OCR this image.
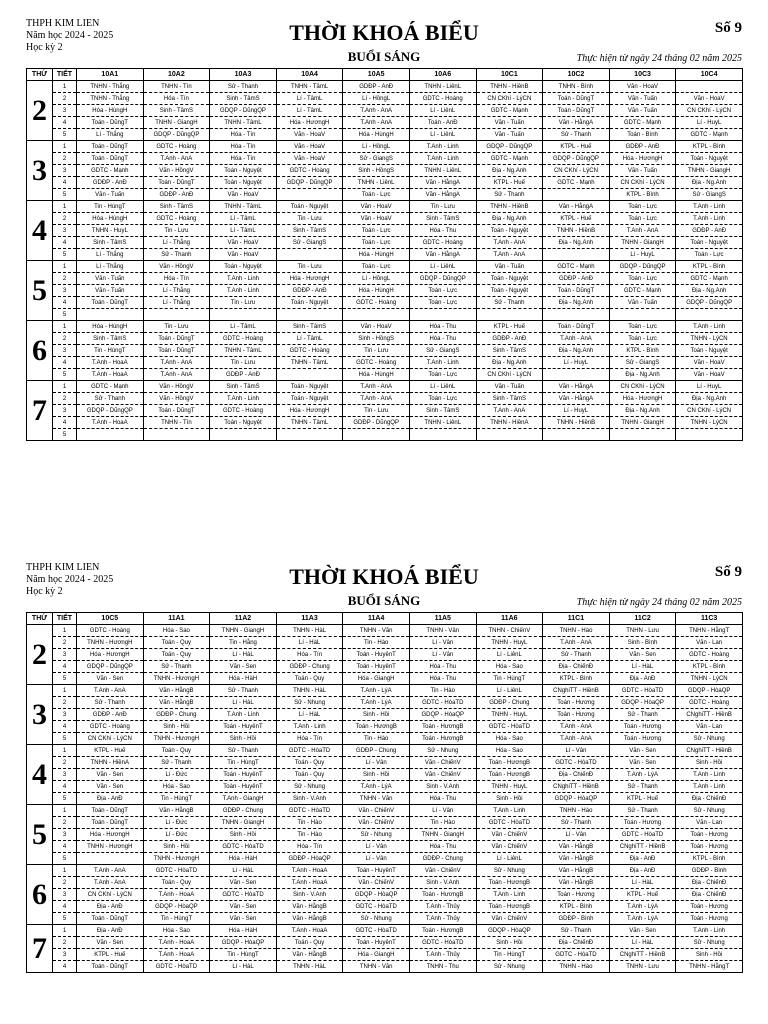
THPH KIM LIEN
Năm học 2024 - 2025
Học kỳ 2
THỜI KHOÁ BIỂU
BUỔI SÁNG
Số 9
Thực hiện từ ngày 24 tháng 02 năm 2025
THỨ	TIẾT	10A1	10A2	10A3	10A4	10A5	10A6	10C1	10C2	10C3	10C4
2	1	TNHN - Thắng	TNHN - Tín	Sử - Thanh	TNHN - TâmL	GDĐP - AnĐ	TNHN - LiênL	TNHN - HiềnB	TNHN - Bình	Văn - HoaV	
	2	TNHN - Thắng	Hóa - Tín	Sinh - TâmS	Lí - TâmL	Lí - HồngL	GDTC - Hoàng	CN CKhí - LýCN	Toán - DũngT	Văn - Tuấn	Văn - HoaV
	3	Hóa - HùngH	Sinh - TâmS	GDQP - DũngQP	Lí - TâmL	T.Anh - AnA	Lí - LiênL	GDTC - Mạnh	Toán - DũngT	Văn - Tuấn	CN CKhí - LýCN
	4	Toán - DũngT	TNHN - GiangH	TNHN - TâmL	Hóa - HươngH	T.Anh - AnA	Toán - AnĐ	Văn - Tuấn	Văn - HằngA	GDTC - Mạnh	Lí - HuyL
	5	Lí - Thắng	GDQP - DũngQP	Hóa - Tín	Văn - HoaV	Hóa - HùngH	Lí - LiênL	Văn - Tuấn	Sử - Thanh	Toán - Bình	GDTC - Mạnh
3	1	Toán - DũngT	GDTC - Hoàng	Hóa - Tín	Văn - HoaV	Lí - HồngL	T.Anh - Linh	GDQP - DũngQP	KTPL - Huế	GDĐP - AnĐ	KTPL - Bình
	2	Toán - DũngT	T.Anh - AnA	Hóa - Tín	Văn - HoaV	Sử - GiangS	T.Anh - Linh	GDTC - Mạnh	GDQP - DũngQP	Hóa - HươngH	Toán - Nguyệt
	3	GDTC - Mạnh	Văn - HồngV	Toán - Nguyệt	GDTC - Hoàng	Sinh - HồngS	TNHN - LiênL	Địa - Ng.Anh	CN CKhí - LýCN	Văn - Tuấn	TNHN - GiangH
	4	GDĐP - AnĐ	Toán - DũngT	Toán - Nguyệt	GDQP - DũngQP	TNHN - LiênL	Văn - HằngA	KTPL - Huế	GDTC - Mạnh	CN CKhí - LýCN	Địa - Ng.Anh
	5	Văn - Tuấn	GDĐP - AnĐ	Văn - HoaV		Toán - Lực	Văn - HằngA	Sử - Thanh		KTPL - Bình	Sử - GiangS
4	1	Tin - HùngT	Sinh - TâmS	TNHN - TâmL	Toán - Nguyệt	Văn - HoaV	Tin - Lưu	TNHN - HiềnB	Văn - HằngA	Toán - Lực	T.Anh - Linh
	2	Hóa - HùngH	GDTC - Hoàng	Lí - TâmL	Tin - Lưu	Văn - HoaV	Sinh - TâmS	Địa - Ng.Anh	KTPL - Huế	Toán - Lực	T.Anh - Linh
	3	TNHN - HuyL	Tin - Lưu	Lí - TâmL	Sinh - TâmS	Toán - Lực	Hóa - Thu	Toán - Nguyệt	TNHN - HiềnB	T.Anh - AnA	GDĐP - AnĐ
	4	Sinh - TâmS	Lí - Thắng	Văn - HoaV	Sử - GiangS	Toán - Lực	GDTC - Hoàng	T.Anh - AnA	Địa - Ng.Anh	TNHN - GiangH	Toán - Nguyệt
	5	Lí - Thắng	Sử - Thanh	Văn - HoaV		Hóa - HùngH	Văn - HằngA	T.Anh - AnA		Lí - HuyL	Toán - Lực
5	1	Lí - Thắng	Văn - HồngV	Toán - Nguyệt	Tin - Lưu	Toán - Lực	Lí - LiênL	Văn - Tuấn	GDTC - Mạnh	GDQP - DũngQP	KTPL - Bình
	2	Văn - Tuấn	Hóa - Tín	T.Anh - Linh	Hóa - HươngH	Lí - HồngL	GDQP - DũngQP	Toán - Nguyệt	GDĐP - AnĐ	Toán - Lực	GDTC - Mạnh
	3	Văn - Tuấn	Lí - Thắng	T.Anh - Linh	GDĐP - AnĐ	Hóa - HùngH	Toán - Lực	Toán - Nguyệt	Toán - DũngT	GDTC - Mạnh	Địa - Ng.Anh
	4	Toán - DũngT	Lí - Thắng	Tin - Lưu	Toán - Nguyệt	GDTC - Hoàng	Toán - Lực	Sử - Thanh	Địa - Ng.Anh	Văn - Tuấn	GDQP - DũngQP
	5										
6	1	Hóa - HùngH	Tin - Lưu	Lí - TâmL	Sinh - TâmS	Văn - HoaV	Hóa - Thu	KTPL - Huế	Toán - DũngT	Toán - Lực	T.Anh - Linh
	2	Sinh - TâmS	Toán - DũngT	GDTC - Hoàng	Lí - TâmL	Sinh - HồngS	Hóa - Thu	GDĐP - AnĐ	T.Anh - AnA	Toán - Lực	TNHN - LýCN
	3	Tin - HùngT	Toán - DũngT	TNHN - TâmL	GDTC - Hoàng	Tin - Lưu	Sử - GiangS	Sinh - TâmS	Địa - Ng.Anh	KTPL - Bình	Toán - Nguyệt
	4	T.Anh - HoaA	T.Anh - AnA	Tin - Lưu	TNHN - TâmL	GDTC - Hoàng	T.Anh - Linh	Địa - Ng.Anh	Lí - HuyL	Sử - GiangS	Văn - HoaV
	5	T.Anh - HoaA	T.Anh - AnA	GDĐP - AnĐ		Hóa - HùngH	Toán - Lực	CN CKhí - LýCN		Địa - Ng.Anh	Văn - HoaV
7	1	GDTC - Mạnh	Văn - HồngV	Sinh - TâmS	Toán - Nguyệt	T.Anh - AnA	Lí - LiênL	Văn - Tuấn	Văn - HằngA	CN CKhí - LýCN	Lí - HuyL
	2	Sử - Thanh	Văn - HồngV	T.Anh - Linh	Toán - Nguyệt	T.Anh - AnA	Toán - Lực	Sinh - TâmS	Văn - HằngA	Hóa - HươngH	Địa - Ng.Anh
	3	GDQP - DũngQP	Toán - DũngT	GDTC - Hoàng	Hóa - HươngH	Tin - Lưu	Sinh - TâmS	T.Anh - AnA	Lí - HuyL	Địa - Ng.Anh	CN CKhí - LýCN
	4	T.Anh - HoaA	TNHN - Tín	Toán - Nguyệt	TNHN - TâmL	GDĐP - DũngQP	TNHN - LiênL	TNHN - HiềnA	TNHN - HiềnB	TNHN - GiangH	TNHN - LýCN
	5										
THPH KIM LIEN
Năm học 2024 - 2025
Học kỳ 2
THỜI KHOÁ BIỂU
BUỔI SÁNG
Số 9
Thực hiện từ ngày 24 tháng 02 năm 2025
THỨ	TIẾT	10C5	11A1	11A2	11A3	11A4	11A5	11A6	11C1	11C2	11C3
2	1	GDTC - Hoàng	Hóa - Sao	TNHN - GiangH	TNHN - HàL	TNHN - Văn	TNHN - Vân	TNHN - ChiếnV	TNHN - Hào	TNHN - Lưu	TNHN - HằngT
	2	TNHN - HươngH	Toán - Quy	Tin - Hằng	Lí - HàL	Tin - Hào	Lí - Vân	TNHN - HuyL	T.Anh - AnA	Sinh - Bình	Văn - Lan
	3	Hóa - HươngH	Toán - Quy	Lí - HàL	Hóa - Tín	Toán - HuyênT	Lí - Vân	Lí - LiênL	Sử - Thanh	Văn - Sen	GDTC - Hoàng
	4	GDQP - DũngQP	Sử - Thanh	Văn - Sen	GDĐP - Chung	Toán - HuyênT	Hóa - Thu	Hóa - Sao	Địa - ChiếnĐ	Lí - HàL	KTPL - Bình
	5	Văn - Sen	TNHN - HươngH	Hóa - HàH	Toán - Quy	Hóa - GiangH	Hóa - Thu	Tin - HùngT	KTPL - Bình	Địa - AnĐ	TNHN - LýCN
3	1	T.Anh - AnA	Văn - HằngB	Sử - Thanh	TNHN - HàL	T.Anh - LýA	Tin - Hào	Lí - LiênL	CNghiTT - HiềnB	GDTC - HòaTD	GDQP - HòaQP
	2	Sử - Thanh	Văn - HằngB	Lí - HàL	Sử - Nhung	T.Anh - LýA	GDTC - HòaTD	GDĐP - Chung	Toán - Hương	GDQP - HòaQP	GDTC - Hoàng
	3	GDĐP - AnĐ	GDĐP - Chung	T.Anh - Linh	Lí - HàL	Sinh - Hồi	GDQP - HòaQP	TNHN - HuyL	Toán - Hương	Sử - Thanh	CNghiTT - HiềnB
	4	GDTC - Hoàng	Sinh - Hồi	Toán - HuyênT	T.Anh - Linh	Toán - HươngB	Toán - HươngB	GDTC - HòaTD	T.Anh - AnA	Toán - Hương	Văn - Lan
	5	CN CKhí - LýCN	TNHN - HươngH	Sinh - Hồi	Hóa - Tín	Tin - Hào	Toán - HươngB	Hóa - Sao	T.Anh - AnA	Toán - Hương	Sử - Nhung
4	1	KTPL - Huế	Toán - Quy	Sử - Thanh	GDTC - HòaTD	GDĐP - Chung	Sử - Nhung	Hóa - Sao	Lí - Vân	Văn - Sen	CNghiTT - HiềnB
	2	TNHN - HiềnA	Sử - Thanh	Tin - HùngT	Toán - Quy	Lí - Vân	Văn - ChiếnV	Toán - HươngB	GDTC - HòaTD	Văn - Sen	Sinh - Hồi
	3	Văn - Sen	Lí - Đức	Toán - HuyênT	Toán - Quy	Sinh - Hồi	Văn - ChiếnV	Toán - HươngB	Địa - ChiếnĐ	T.Anh - LýA	T.Anh - Linh
	4	Văn - Sen	Hóa - Sao	Toán - HuyênT	Sử - Nhung	T.Anh - LýA	Sinh - V.Anh	TNHN - HuyL	CNghiTT - HiềnB	Sử - Thanh	T.Anh - Linh
	5	Địa - AnĐ	Tin - HùngT	T.Anh - GiangH	Sinh - V.Anh	TNHN - Văn	Hóa - Thu	Sinh - Hồi	GDQP - HòaQP	KTPL - Huế	Địa - ChiếnĐ
5	1	Toán - DũngT	Văn - HằngB	GDĐP - Chung	GDTC - HòaTD	Văn - ChiếnV	Lí - Vân	T.Anh - Linh	TNHN - Hào	Sử - Thanh	Sử - Nhung
	2	Toán - DũngT	Lí - Đức	TNHN - GiangH	Tin - Hào	Văn - ChiếnV	Tin - Hào	GDTC - HòaTD	Sử - Thanh	Toán - Hương	Văn - Lan
	3	Hóa - HươngH	Lí - Đức	Sinh - Hồi	Tin - Hào	Sử - Nhung	TNHN - GiangH	Văn - ChiếnV	Lí - Vân	GDTC - HòaTD	Toán - Hương
	4	TNHN - HươngH	Sinh - Hồi	GDTC - HòaTD	Hóa - Tín	Lí - Vân	Hóa - Thu	Văn - ChiếnV	Văn - HằngB	CNghiTT - HiềnB	Toán - Hương
	5		TNHN - HươngH	Hóa - HàH	GDĐP - HòaQP	Lí - Vân	GDĐP - Chung	Lí - LiênL	Văn - HằngB	Địa - AnĐ	KTPL - Bình
6	1	T.Anh - AnA	GDTC - HòaTD	Lí - HàL	T.Anh - HoaA	Toán - HuyênT	Văn - ChiếnV	Sử - Nhung	Văn - HằngB	Địa - AnĐ	GDĐP - Bình
	2	T.Anh - AnA	Toán - Quy	Văn - Sen	T.Anh - HoaA	Văn - ChiếnV	Sinh - V.Anh	Toán - HươngB	Văn - HằngB	Lí - HàL	Địa - ChiếnĐ
	3	CN CKhí - LýCN	T.Anh - HoaA	GDTC - HòaTD	Sinh - V.Anh	GDQP - HòaQP	Toán - HươngB	T.Anh - Linh	Toán - Hương	KTPL - Huế	Địa - ChiếnĐ
	4	Địa - AnĐ	GDQP - HòaQP	Văn - Sen	Văn - HằngB	GDTC - HòaTD	T.Anh - Thủy	Toán - HươngB	KTPL - Bình	T.Anh - LýA	Toán - Hương
	5	Toán - DũngT	Tin - HùngT	Văn - Sen	Văn - HằngB	Sử - Nhung	T.Anh - Thủy	Văn - ChiếnV	GDĐP - Bình	T.Anh - LýA	Toán - Hương
7	1	Địa - AnĐ	Hóa - Sao	Hóa - HàH	T.Anh - HoaA	GDTC - HòaTD	Toán - HươngB	GDQP - HòaQP	Sử - Thanh	Văn - Sen	T.Anh - Linh
	2	Văn - Sen	T.Anh - HoaA	GDQP - HòaQP	Toán - Quy	Toán - HuyênT	GDTC - HòaTD	Sinh - Hồi	Địa - ChiếnĐ	Lí - HàL	Sử - Nhung
	3	KTPL - Huế	T.Anh - HoaA	Tin - HùngT	Văn - HằngB	Hóa - GiangH	T.Anh - Thủy	Tin - HùngT	GDTC - HòaTD	CNghiTT - HiềnB	Sinh - Hồi
	4	Toán - DũngT	GDTC - HòaTD	Lí - HàL	TNHN - HàL	TNHN - Văn	TNHN - Thu	Sử - Nhung	TNHN - Hào	TNHN - Lưu	TNHN - HằngT
